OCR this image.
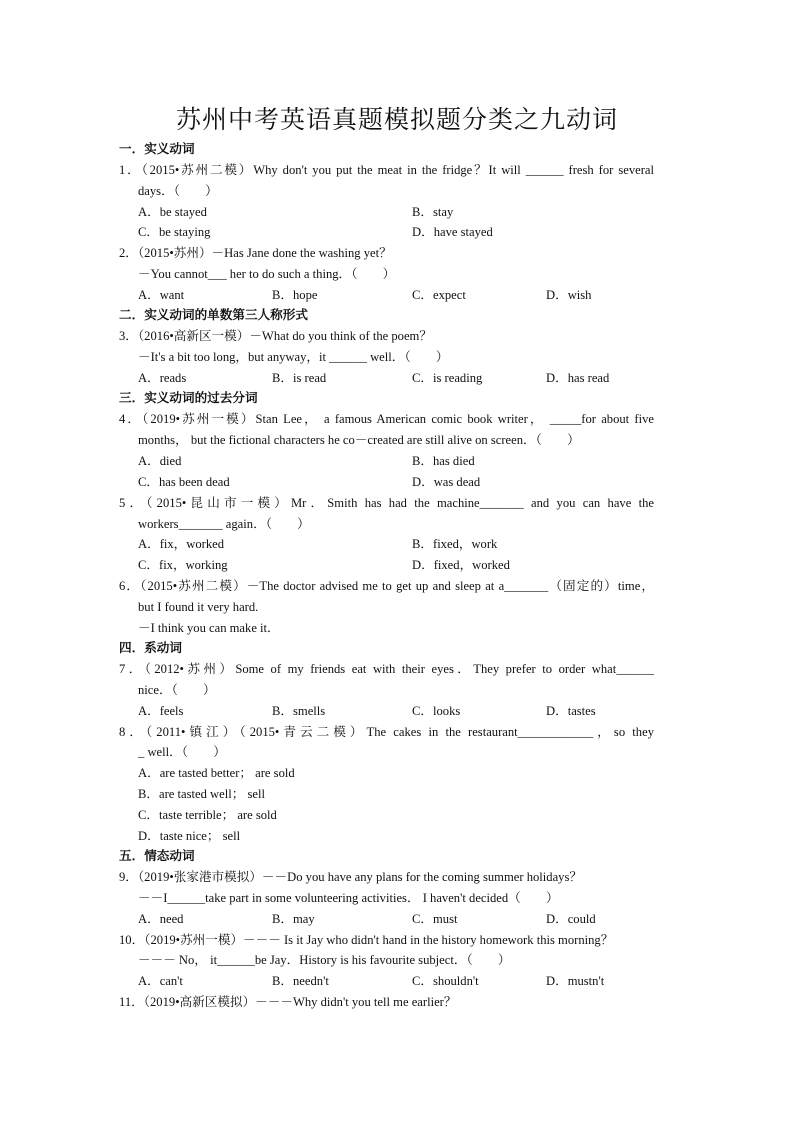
苏州中考英语真题模拟题分类之九动词
一．实义动词
1．（2015•苏州二模）Why don't you put the meat in the fridge？It will ______ fresh for several
days．（　　）
A．be stayed	B．stay
C．be staying	D．have stayed
2．（2015•苏州）－Has Jane done the washing yet？
－You cannot___ her to do such a thing．（　　）
A．want	B．hope	C．expect	D．wish
二．实义动词的单数第三人称形式
3．（2016•高新区一模）－What do you think of the poem？
－It's a bit too long，but anyway，it ______ well．（　　）
A．reads	B．is read	C．is reading	D．has read
三．实义动词的过去分词
4．（2019•苏州一模）Stan Lee， a famous American comic book writer， _____for about five
months， but the fictional characters he co－created are still alive on screen．（　　）
A．died	B．has died
C．has been dead	D．was dead
5．（2015•昆山市一模）Mr．Smith has had the machine_______ and you can have the
workers_______ again．（　　）
A．fix，worked	B．fixed，work
C．fix，working	D．fixed，worked
6．（2015•苏州二模）－The doctor advised me to get up and sleep at a_______（固定的）time，
but I found it very hard.
－I think you can make it．
四．系动词
7．（2012•苏州）Some of my friends eat with their eyes．They prefer to order what______
nice．（　　）
A．feels	B．smells	C．looks	D．tastes
8．（2011•镇江）（2015•青云二模）The cakes in the restaurant____________，so they
_ well．（　　）
A．are tasted better； are sold
B．are tasted well； sell
C．taste terrible； are sold
D．taste nice； sell
五．情态动词
9．（2019•张家港市模拟）－－Do you have any plans for the coming summer holidays？
－－I______take part in some volunteering activities． I haven't decided（　　）
A．need	B．may	C．must	D．could
10．（2019•苏州一模）－－－ Is it Jay who didn't hand in the history homework this morning？
－－－ No， it______be Jay．History is his favourite subject．（　　）
A．can't	B．needn't	C．shouldn't	D．mustn't
11．（2019•高新区模拟）－－－Why didn't you tell me earlier？
